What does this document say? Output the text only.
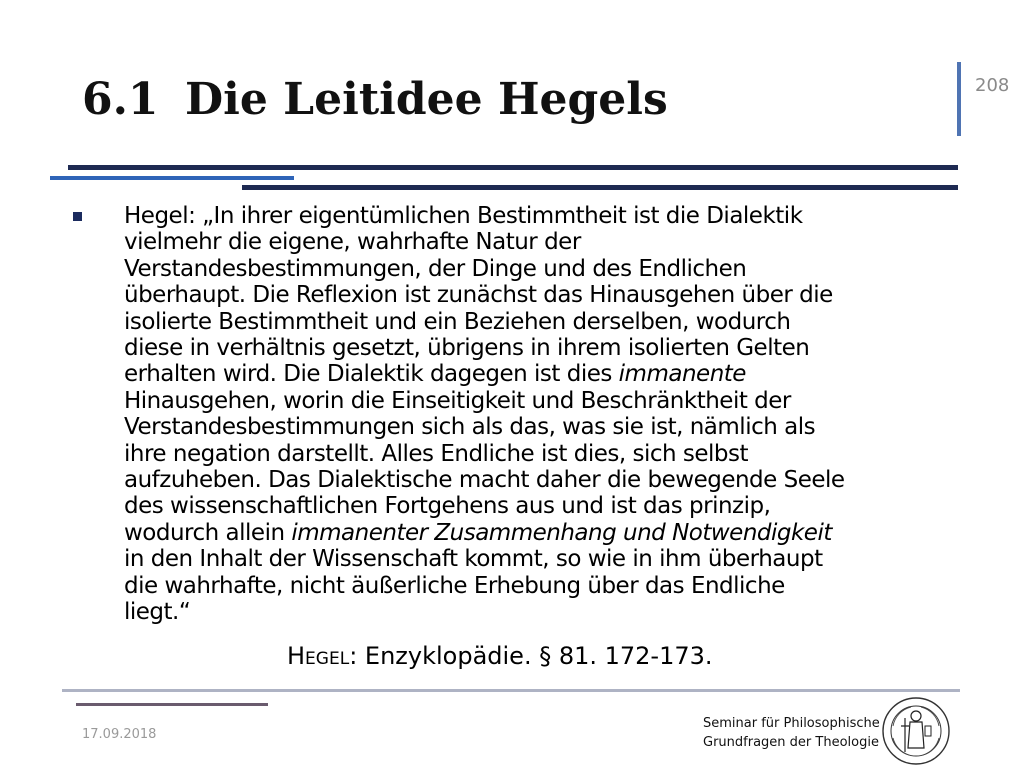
6.1 Die Leitidee Hegels	208

Hegel: „In ihrer eigentümlichen Bestimmtheit ist die Dialektik
vielmehr die eigene, wahrhafte Natur der
Verstandesbestimmungen, der Dinge und des Endlichen
überhaupt. Die Reflexion ist zunächst das Hinausgehen über die
isolierte Bestimmtheit und ein Beziehen derselben, wodurch
diese in verhältnis gesetzt, übrigens in ihrem isolierten Gelten
erhalten wird. Die Dialektik dagegen ist dies immanente
Hinausgehen, worin die Einseitigkeit und Beschränktheit der
Verstandesbestimmungen sich als das, was sie ist, nämlich als
ihre negation darstellt. Alles Endliche ist dies, sich selbst
aufzuheben. Das Dialektische macht daher die bewegende Seele
des wissenschaftlichen Fortgehens aus und ist das prinzip,
wodurch allein immanenter Zusammenhang und Notwendigkeit
in den Inhalt der Wissenschaft kommt, so wie in ihm überhaupt
die wahrhafte, nicht äußerliche Erhebung über das Endliche
liegt.“

Hegel: Enzyklopädie. § 81. 172-173.

17.09.2018
Seminar für Philosophische
Grundfragen der Theologie
